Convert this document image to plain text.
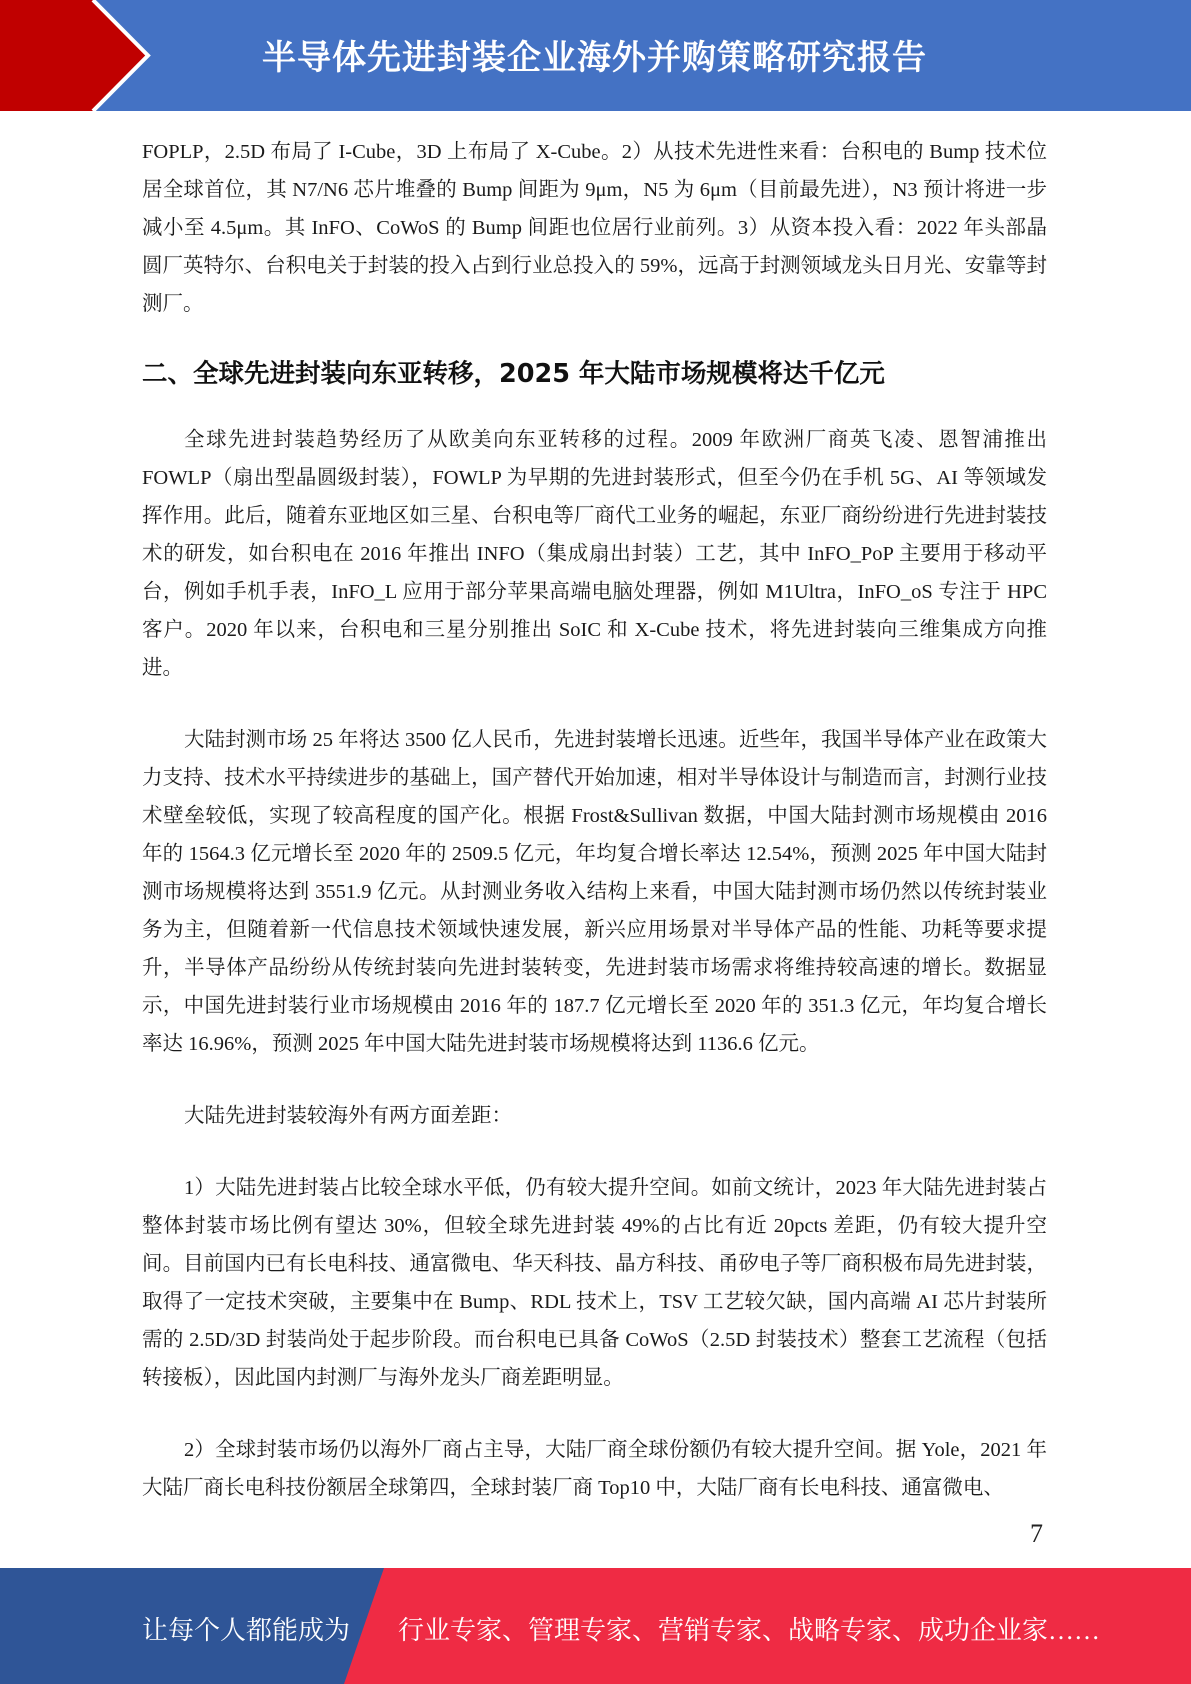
半导体先进封装企业海外并购策略研究报告

FOPLP，2.5D 布局了 I-Cube，3D 上布局了 X-Cube。2）从技术先进性来看：台积电的 Bump 技术位居全球首位，其 N7/N6 芯片堆叠的 Bump 间距为 9μm，N5 为 6μm（目前最先进），N3 预计将进一步减小至 4.5μm。其 InFO、CoWoS 的 Bump 间距也位居行业前列。3）从资本投入看：2022 年头部晶圆厂英特尔、台积电关于封装的投入占到行业总投入的 59%，远高于封测领域龙头日月光、安靠等封测厂。

二、全球先进封装向东亚转移，2025 年大陆市场规模将达千亿元

全球先进封装趋势经历了从欧美向东亚转移的过程。2009 年欧洲厂商英飞凌、恩智浦推出 FOWLP（扇出型晶圆级封装），FOWLP 为早期的先进封装形式，但至今仍在手机 5G、AI 等领域发挥作用。此后，随着东亚地区如三星、台积电等厂商代工业务的崛起，东亚厂商纷纷进行先进封装技术的研发，如台积电在 2016 年推出 INFO（集成扇出封装）工艺，其中 InFO_PoP 主要用于移动平台，例如手机手表，InFO_L 应用于部分苹果高端电脑处理器，例如 M1Ultra，InFO_oS 专注于 HPC 客户。2020 年以来，台积电和三星分别推出 SoIC 和 X-Cube 技术，将先进封装向三维集成方向推进。

大陆封测市场 25 年将达 3500 亿人民币，先进封装增长迅速。近些年，我国半导体产业在政策大力支持、技术水平持续进步的基础上，国产替代开始加速，相对半导体设计与制造而言，封测行业技术壁垒较低，实现了较高程度的国产化。根据 Frost&Sullivan 数据，中国大陆封测市场规模由 2016 年的 1564.3 亿元增长至 2020 年的 2509.5 亿元，年均复合增长率达 12.54%，预测 2025 年中国大陆封测市场规模将达到 3551.9 亿元。从封测业务收入结构上来看，中国大陆封测市场仍然以传统封装业务为主，但随着新一代信息技术领域快速发展，新兴应用场景对半导体产品的性能、功耗等要求提升，半导体产品纷纷从传统封装向先进封装转变，先进封装市场需求将维持较高速的增长。数据显示，中国先进封装行业市场规模由 2016 年的 187.7 亿元增长至 2020 年的 351.3 亿元，年均复合增长率达 16.96%，预测 2025 年中国大陆先进封装市场规模将达到 1136.6 亿元。

大陆先进封装较海外有两方面差距：

1）大陆先进封装占比较全球水平低，仍有较大提升空间。如前文统计，2023 年大陆先进封装占整体封装市场比例有望达 30%，但较全球先进封装 49%的占比有近 20pcts 差距，仍有较大提升空间。目前国内已有长电科技、通富微电、华天科技、晶方科技、甬矽电子等厂商积极布局先进封装，取得了一定技术突破，主要集中在 Bump、RDL 技术上，TSV 工艺较欠缺，国内高端 AI 芯片封装所需的 2.5D/3D 封装尚处于起步阶段。而台积电已具备 CoWoS（2.5D 封装技术）整套工艺流程（包括转接板），因此国内封测厂与海外龙头厂商差距明显。

2）全球封装市场仍以海外厂商占主导，大陆厂商全球份额仍有较大提升空间。据 Yole，2021 年大陆厂商长电科技份额居全球第四，全球封装厂商 Top10 中，大陆厂商有长电科技、通富微电、

7
让每个人都能成为 行业专家、管理专家、营销专家、战略专家、成功企业家……
